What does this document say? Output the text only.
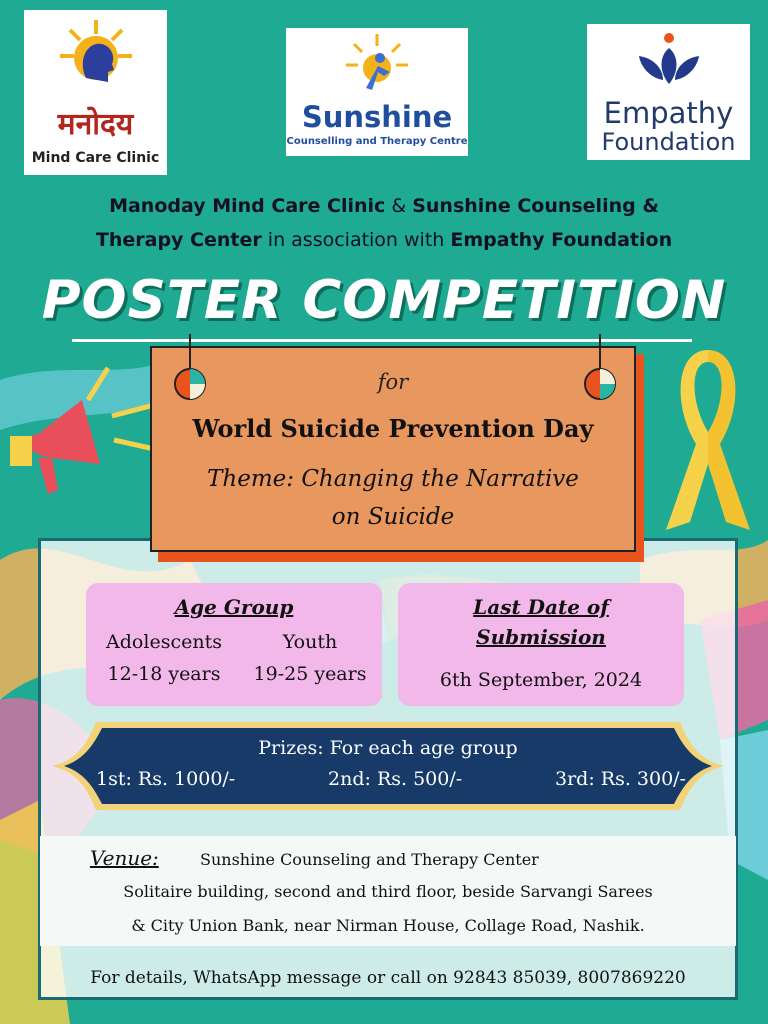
मनोदय
Mind Care Clinic
Sunshine
Counselling and Therapy Centre
Empathy
Foundation
Manoday Mind Care Clinic & Sunshine Counseling &
Therapy Center in association with Empathy Foundation
POSTER COMPETITION
for
World Suicide Prevention Day
Theme: Changing the Narrative
on Suicide
Age Group
Adolescents
12-18 years
Youth
19-25 years
Last Date of
Submission
6th September, 2024
Prizes: For each age group
1st: Rs. 1000/-	2nd: Rs. 500/-	3rd: Rs. 300/-
Venue:	Sunshine Counseling and Therapy Center
Solitaire building, second and third floor, beside Sarvangi Sarees
& City Union Bank, near Nirman House, Collage Road, Nashik.
For details, WhatsApp message or call on 92843 85039, 8007869220
